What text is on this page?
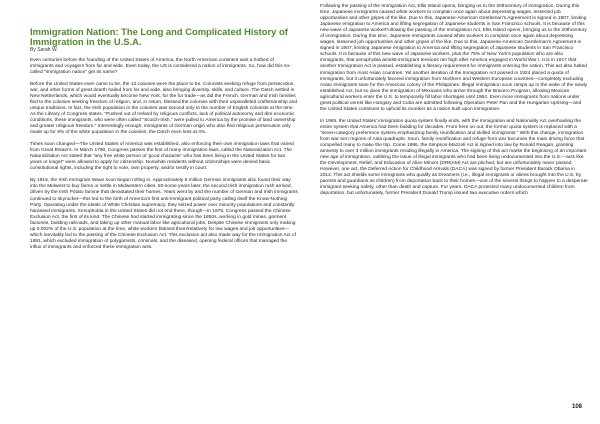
Immigration Nation: The Long and Complicated History of Immigration in the U.S.A.

By Sarah W.

Even centuries before the founding of the United States of America, the North American continent was a hotbed of immigrants and voyagers from far and wide. Even today, the US is considered a nation of immigrants. So, how did this so-called "immigration nation" get its name?

Before the United States even came to be, the 13 colonies were the place to be. Colonists seeking refuge from persecution, war, and other forms of great dearth hailed from far and wide, also bringing diversity, skills, and culture. The Dutch settled in New Netherlands, which would eventually become New York, for the fur trade—as did the French. German and Irish families fled to the colonies seeking freedom of religion, and, in return, blessed the colonies with their unparalleled craftsmanship and unique traditions. In fact, the Irish population in the colonies was second only to the number of English colonists at the time. As the Library of Congress states, "Pushed out of Ireland by religious conflicts, lack of political autonomy and dire economic conditions, these immigrants, who were often called "Scotch-Irish," were pulled to America by the promise of land ownership and greater religious freedom." Interestingly enough, immigrants of German origin who also fled religious persecution only made up for 9% of the white population in the colonies, the Dutch even less at 4%.

Times soon changed—The United States of America was established, also enforcing their own immigration laws that varied from Great Britain's. In March 1790, Congress passes the first of many immigration laws, called the Naturalization Act. The Naturalization Act stated that "any free white person of 'good character' who has been living in the United States for two years or longer" were allowed to apply for citizenship. Nonwhite residents without citizenships were denied basic constitutional rights, including the right to vote, own property, and/or testify in court.

By 1815, the Irish Immigrant Wave soon began rolling in. Approximately 5 million German immigrants also found their way into the Midwest to buy farms or settle in Midwestern cities. 50-some years later, the second Irish immigration rush arrived, driven by the Irish Potato famine that devastated their homes. Years went by and the number of German and Irish immigrants continued to skyrocket—this led to the birth of America's first anti-immigrant political party calling itself the Know-Nothing Party. Operating under the ideals of White Christian supremacy, they seized power over minority populations and constantly harassed immigrants. Xenophobia in the United States did not end there, though—in 1875, Congress passed the Chinese Exclusion Act, the first of its kind. The Chinese had started immigrating since the 1850s, working in gold mines, garment factories, building railroads, and taking up other manual labor like agricultural jobs. Despite Chinese immigrants only making up 0.002% of the U.S. population at the time, white workers blamed them/relatively for low wages and job opportunities—which inevitably led to the passing of the Chinese Exclusion Act. This exclusion act also made way for the Immigration Act of 1891, which excluded immigration of polygamists, criminals, and the diseased, opening federal offices that managed the influx of immigrants and enforced these immigration acts.

Following the passing of the Immigration Act, Ellis Island opens, bringing us to the 20thcentury of immigration. During this time, Japanese immigrants caused white workers to complain once again about depressing wages, lessened job opportunities and other gripes of the like. Due to this, Japanese-American Gentleman's Agreement is signed in 1907, limiting Japanese emigration to America and lifting segregation of Japanese students in San Francisco schools. It is because of this new wave of Japanese workerFollowing the passing of the Immigration Act, Ellis Island opens, bringing us to the 20thcentury of immigration. During this time, Japanese immigrants caused white workers to complain once again about depressing wages, lessened job opportunities and other gripes of the like. Due to this, Japanese-American Gentleman's Agreement is signed in 1907, limiting Japanese emigration to America and lifting segregation of Japanese students in San Francisco schools. It is because of this new wave of Japanese workers, plus the 75% of New York's population who are also immigrants, that xenophobia amidst-immigrant tensions ran high after America engaged in World War I. It is in 1917 that another Immigration Act is passed, establishing a literacy requirement for immigrants entering the nation. This act also halted immigration from most Asian countries. Yet another iteration of the Immigration Act passed in 1924 placed a quota of immigrants, but it unfortunately favored immigration from Northern and Western European countries—completely excluding Asian immigrants save for the American colony of the Philippines. Illegal immigration soon ramps up in the wake of the newly established Act, but so does the immigration of Mexicans who arrive through the Bracero Program, allowing Mexican agricultural workers enter the U.S. to temporarily fill labor shortages until 1964. Even more immigrants from nations under great political unrest like Hungary and Cuba are admitted following Operation Peter Pan and the Hungarian Uprising—and the United States continues to uphold its moniker as a nation built upon immigration.

In 1965, the United States' immigration quota system finally ends, with the Immigration and Nationality Act overhauling the entire system that America had been building for decades. From here on out, the former quota system is replaced with a "seven-category preference system emphasizing family reunification and skilled immigrants." With this change, immigration from war-torn regions of Asia quadruple. Soon, family reunification and refuge from war becomes the main driving force that compelled many to make the trip. Come 1986, the Simpson-Mazzoli Act is signed into law by Ronald Reagan, granting amnesty to over 3 million immigrants residing illegally in America. The signing of this act marks the beginning of an important new age of immigration, outlining the issue of illegal immigrants who had been living undocumented into the U.S.—acts like the Development, Relief, and Education of Alien Minors (DREAM) Act are pitched, but are unfortunately never passed. However, one act, the Deferred Action for Childhood Arrivals (DACA) was signed by former President Barack Obama in 2012. This act shields some immigrants who qualify as Dreamers (i.e., illegal immigrants or aliens brought into the U.S. by parents and guardians as children) from deportation back to their homes—one of the several things to happen to a desperate immigrant seeking safety, other than death and capture. For years, DACA protected many undocumented children from deportation, but unfortunately, former President Donald Trump issued two executive orders which

108
